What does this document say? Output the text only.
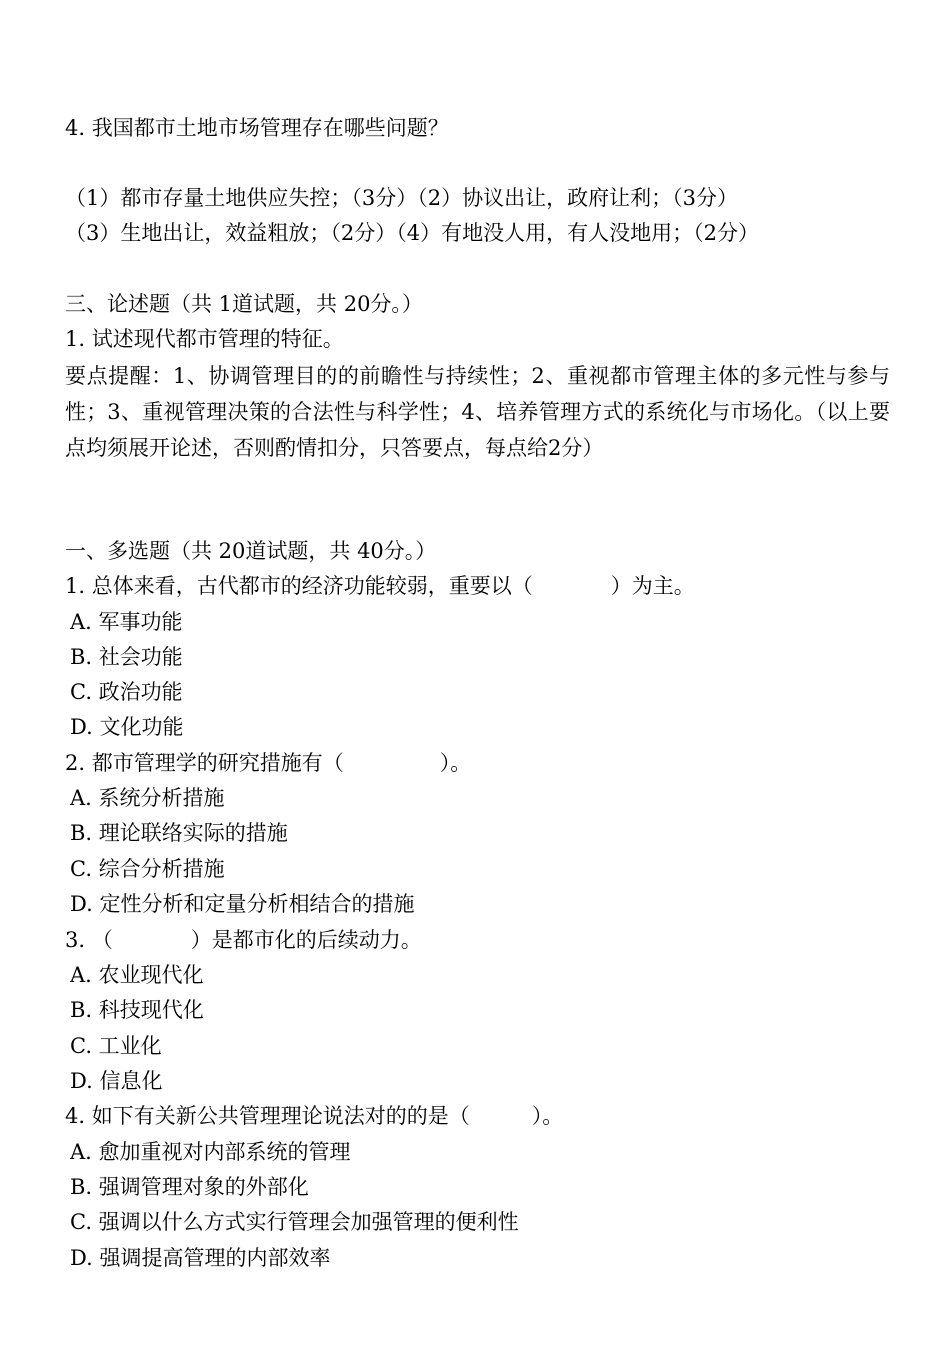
4. 我国都市土地市场管理存在哪些问题？
（1）都市存量土地供应失控；（3分）（2）协议出让，政府让利；（3分）
（3）生地出让，效益粗放；（2分）（4）有地没人用，有人没地用；（2分）
三、论述题（共 1道试题，共 20分。）
1. 试述现代都市管理的特征。
要点提醒：1、协调管理目的的前瞻性与持续性；2、重视都市管理主体的多元性与参与性；3、重视管理决策的合法性与科学性；4、培养管理方式的系统化与市场化。（以上要点均须展开论述，否则酌情扣分，只答要点，每点给2分）
一、多选题（共 20道试题，共 40分。）
1. 总体来看，古代都市的经济功能较弱，重要以（	）为主。
A. 军事功能
B. 社会功能
C. 政治功能
D. 文化功能
2. 都市管理学的研究措施有（	）。
A. 系统分析措施
B. 理论联络实际的措施
C. 综合分析措施
D. 定性分析和定量分析相结合的措施
3. （	）是都市化的后续动力。
A. 农业现代化
B. 科技现代化
C. 工业化
D. 信息化
4. 如下有关新公共管理理论说法对的的是（	）。
A. 愈加重视对内部系统的管理
B. 强调管理对象的外部化
C. 强调以什么方式实行管理会加强管理的便利性
D. 强调提高管理的内部效率
